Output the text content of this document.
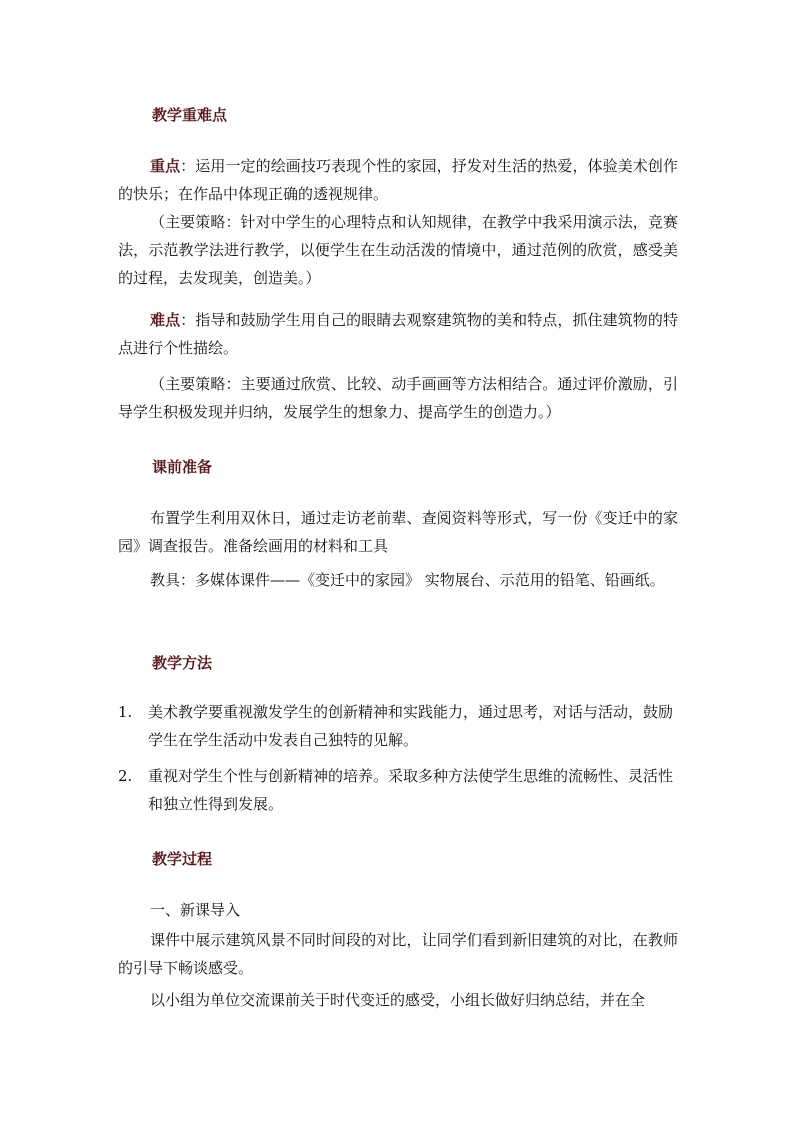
教学重难点

重点：运用一定的绘画技巧表现个性的家园，抒发对生活的热爱，体验美术创作的快乐；在作品中体现正确的透视规律。

（主要策略：针对中学生的心理特点和认知规律，在教学中我采用演示法，竞赛法，示范教学法进行教学，以便学生在生动活泼的情境中，通过范例的欣赏，感受美的过程，去发现美，创造美。）

难点：指导和鼓励学生用自己的眼睛去观察建筑物的美和特点，抓住建筑物的特点进行个性描绘。

（主要策略：主要通过欣赏、比较、动手画画等方法相结合。通过评价激励，引导学生积极发现并归纳，发展学生的想象力、提高学生的创造力。）

课前准备

布置学生利用双休日，通过走访老前辈、查阅资料等形式，写一份《变迁中的家园》调查报告。准备绘画用的材料和工具

教具：多媒体课件——《变迁中的家园》 实物展台、示范用的铅笔、铅画纸。

教学方法
1.	美术教学要重视激发学生的创新精神和实践能力，通过思考，对话与活动，鼓励学生在学生活动中发表自己独特的见解。
2.	重视对学生个性与创新精神的培养。采取多种方法使学生思维的流畅性、灵活性和独立性得到发展。
教学过程

一、新课导入

课件中展示建筑风景不同时间段的对比，让同学们看到新旧建筑的对比，在教师的引导下畅谈感受。

以小组为单位交流课前关于时代变迁的感受，小组长做好归纳总结，并在全
